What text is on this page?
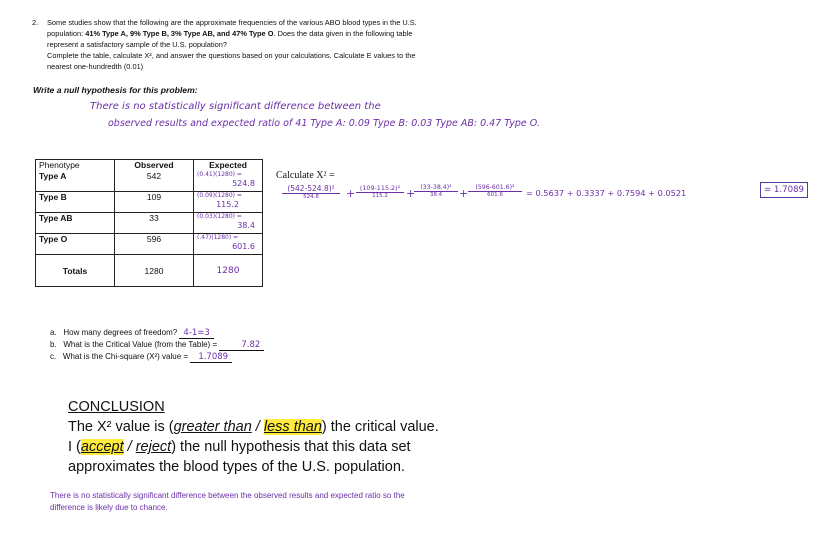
2. Some studies show that the following are the approximate frequencies of the various ABO blood types in the U.S.
population: 41% Type A, 9% Type B, 3% Type AB, and 47% Type O. Does the data given in the following table
represent a satisfactory sample of the U.S. population?
Complete the table, calculate X², and answer the questions based on your calculations. Calculate E values to the
nearest one-hundredth (0.01)
Write a null hypothesis for this problem:
There is no statistically significant difference between the
observed results and expected ratio of 41 Type A: 0.09 Type B: 0.03 Type AB: 0.47 Type O.
Phenotype	Observed	Expected
Type A	542	(0.41)(1280) =
524.8

Type B	109	(0.09)(1280) =
115.2

Type AB	33	(0.03)(1280) =
38.4

Type O	596	(.47)(1280) =
601.6

Totals	1280	1280
Calculate X² =
(542-524.8)²
524.8	+ $\frac{\text{(109-115.2)²}}{115.2}$ +
$\frac{\text{(33-38.4)²}}{38.4} + \frac{\text{(596-601.6)²}}{601.6} = 0.5637 + 0.3337 + 0.7594 + 0.0521$	= 1.7089
a. How many degrees of freedom? 4-1=3
b. What is the Critical Value (from the Table) =	7.82
c. What is the Chi-square (X²) value = 1.7089
CONCLUSION
The X² value is (greater than / less than) the critical value.
I (accept / reject) the null hypothesis that this data set
approximates the blood types of the U.S. population.
There is no statistically significant difference between the observed results and expected ratio so the
difference is likely due to chance.
